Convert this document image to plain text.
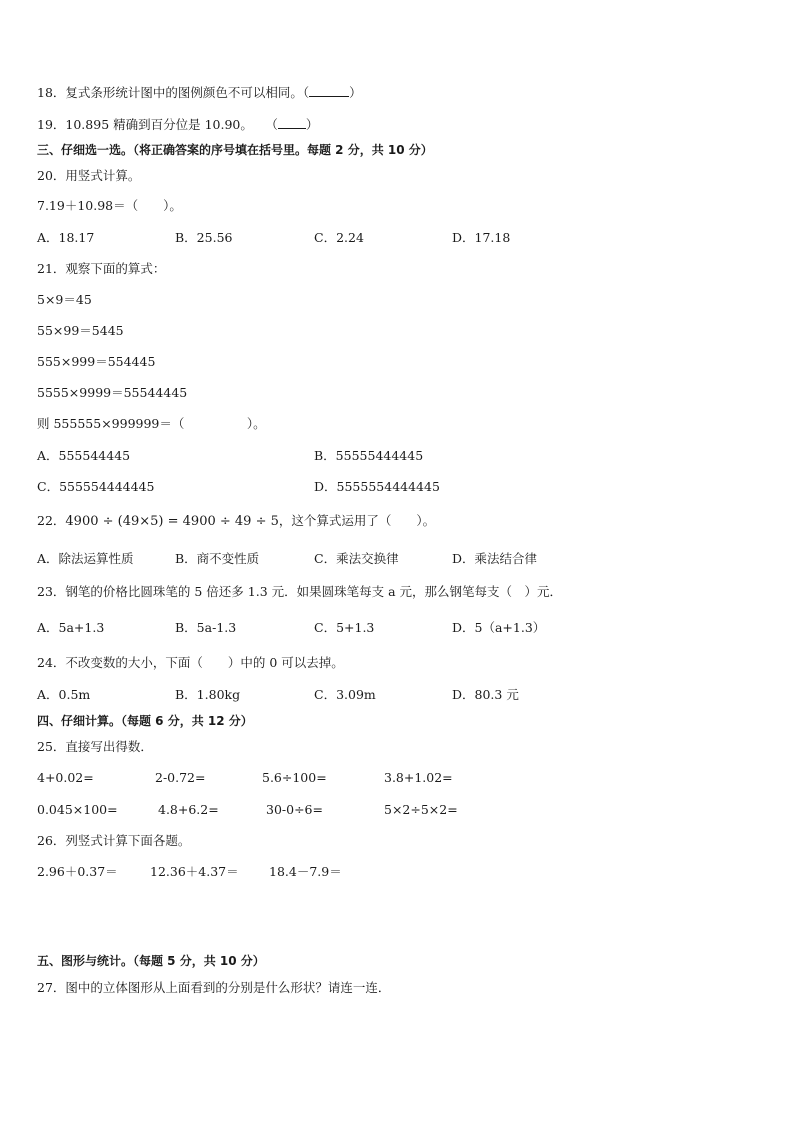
18．复式条形统计图中的图例颜色不可以相同。（	）
19．10.895 精确到百分位是 10.90。　　（ ）
三、仔细选一选。（将正确答案的序号填在括号里。每题 2 分，共 10 分）
20．用竖式计算。
7.19＋10.98＝（　　）。
A．18.17	B．25.56	C．2.24	D．17.18
21．观察下面的算式：
5×9＝45
55×99＝5445
555×999＝554445
5555×9999＝55544445
则 555555×999999＝（　　　　　）。
A．555544445	B．55555444445
C．555554444445	D．5555554444445
22．4900 ÷ (49×5) = 4900 ÷ 49 ÷ 5，这个算式运用了（　　）。
A．除法运算性质	B．商不变性质	C．乘法交换律	D．乘法结合律
23．钢笔的价格比圆珠笔的 5 倍还多 1.3 元．如果圆珠笔每支 a 元，那么钢笔每支（　）元．
A．5a+1.3	B．5a-1.3	C．5+1.3	D．5（a+1.3）
24．不改变数的大小，下面（　　）中的 0 可以去掉。
A．0.5m	B．1.80kg	C．3.09m	D．80.3 元
四、仔细计算。（每题 6 分，共 12 分）
25．直接写出得数．
4+0.02=	2-0.72=	5.6÷100=	3.8+1.02=
0.045×100=	4.8+6.2=	30-0÷6=	5×2÷5×2=
26．列竖式计算下面各题。
2.96＋0.37＝	12.36＋4.37＝ 18.4－7.9＝
五、图形与统计。（每题 5 分，共 10 分）
27．图中的立体图形从上面看到的分别是什么形状？请连一连．
